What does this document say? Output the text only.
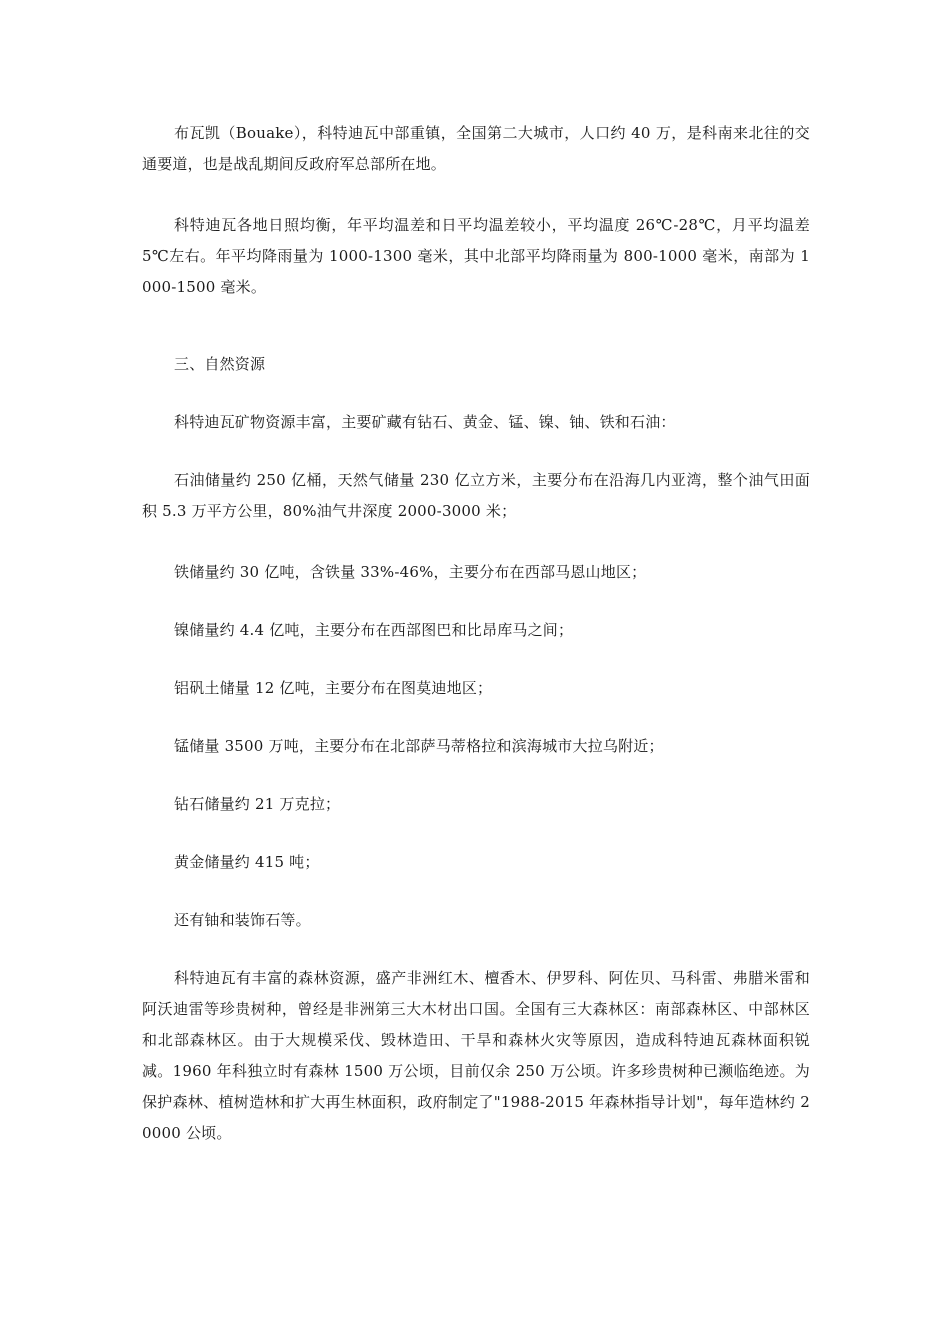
布瓦凯（Bouake），科特迪瓦中部重镇，全国第二大城市，人口约 40 万，是科南来北往的交通要道，也是战乱期间反政府军总部所在地。

科特迪瓦各地日照均衡，年平均温差和日平均温差较小，平均温度 26℃-28℃，月平均温差 5℃左右。年平均降雨量为 1000-1300 毫米，其中北部平均降雨量为 800-1000 毫米，南部为 1000-1500 毫米。

三、自然资源

科特迪瓦矿物资源丰富，主要矿藏有钻石、黄金、锰、镍、铀、铁和石油：

石油储量约 250 亿桶，天然气储量 230 亿立方米，主要分布在沿海几内亚湾，整个油气田面积 5.3 万平方公里，80%油气井深度 2000-3000 米；

铁储量约 30 亿吨，含铁量 33%-46%，主要分布在西部马恩山地区；

镍储量约 4.4 亿吨，主要分布在西部图巴和比昂库马之间；

铝矾土储量 12 亿吨，主要分布在图莫迪地区；

锰储量 3500 万吨，主要分布在北部萨马蒂格拉和滨海城市大拉乌附近；

钻石储量约 21 万克拉；

黄金储量约 415 吨；

还有铀和装饰石等。

科特迪瓦有丰富的森林资源，盛产非洲红木、檀香木、伊罗科、阿佐贝、马科雷、弗腊米雷和阿沃迪雷等珍贵树种，曾经是非洲第三大木材出口国。全国有三大森林区：南部森林区、中部林区和北部森林区。由于大规模采伐、毁林造田、干旱和森林火灾等原因，造成科特迪瓦森林面积锐减。1960 年科独立时有森林 1500 万公顷，目前仅余 250 万公顷。许多珍贵树种已濒临绝迹。为保护森林、植树造林和扩大再生林面积，政府制定了"1988-2015 年森林指导计划"，每年造林约 20000 公顷。
